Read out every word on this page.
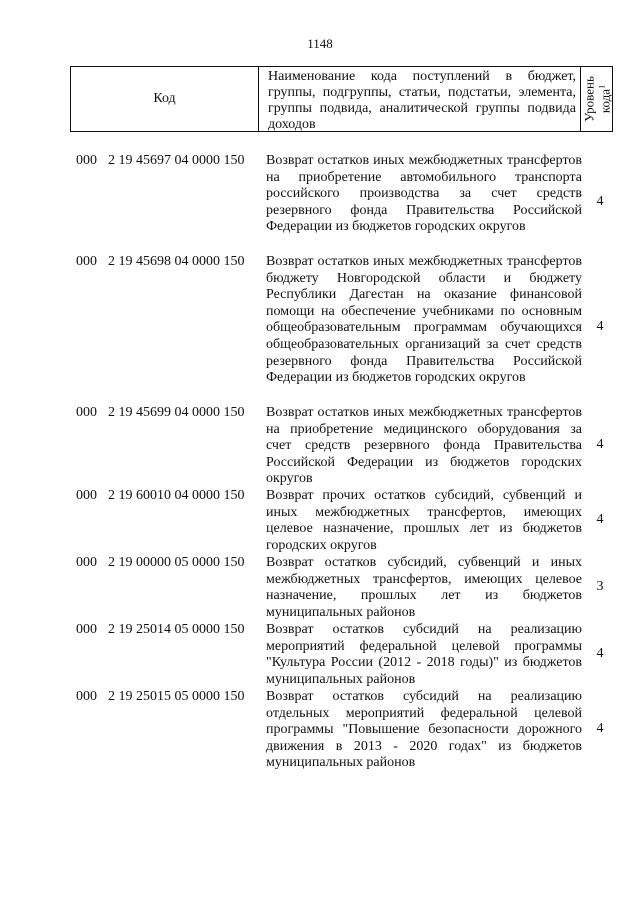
1148
Код
Наименование кода поступлений в бюджет, группы, подгруппы, статьи, подстатьи, элемента, группы подвида, аналитической группы подвида доходов
Уровень кода$^1$
000 2 19 45697 04 0000 150 Возврат остатков иных межбюджетных трансфертов на приобретение автомобильного транспорта российского производства за счет средств резервного фонда Правительства Российской Федерации из бюджетов городских округов
4
000 2 19 45698 04 0000 150 Возврат остатков иных межбюджетных трансфертов бюджету Новгородской области и бюджету Республики Дагестан на оказание финансовой помощи на обеспечение учебниками по основным общеобразовательным программам обучающихся общеобразовательных организаций за счет средств резервного фонда Правительства Российской Федерации из бюджетов городских округов
4
000 2 19 45699 04 0000 150 Возврат остатков иных межбюджетных трансфертов на приобретение медицинского оборудования за счет средств резервного фонда Правительства Российской Федерации из бюджетов городских округов
4
000 2 19 60010 04 0000 150 Возврат прочих остатков субсидий, субвенций и иных межбюджетных трансфертов, имеющих целевое назначение, прошлых лет из бюджетов городских округов
4
000 2 19 00000 05 0000 150 Возврат остатков субсидий, субвенций и иных межбюджетных трансфертов, имеющих целевое назначение, прошлых лет из бюджетов муниципальных районов
3
000 2 19 25014 05 0000 150 Возврат остатков субсидий на реализацию мероприятий федеральной целевой программы "Культура России (2012 - 2018 годы)" из бюджетов муниципальных районов
4
000 2 19 25015 05 0000 150 Возврат остатков субсидий на реализацию отдельных мероприятий федеральной целевой программы "Повышение безопасности дорожного движения в 2013 - 2020 годах" из бюджетов муниципальных районов
4
